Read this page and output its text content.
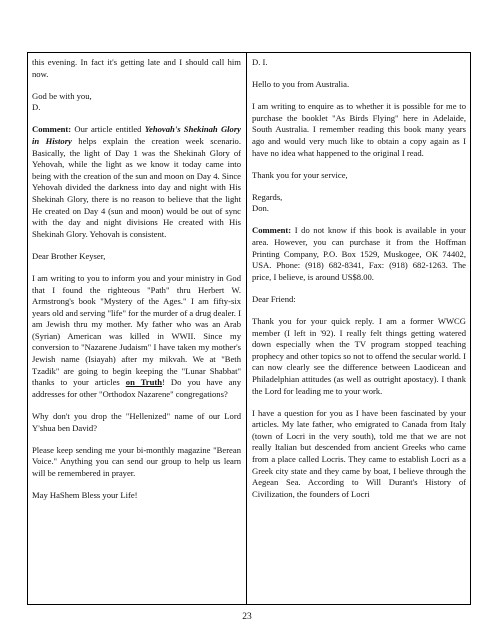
this evening. In fact it's getting late and I should call him now.

God be with you,
D.

Comment: Our article entitled Yehovah's Shekinah Glory in History helps explain the creation week scenario. Basically, the light of Day 1 was the Shekinah Glory of Yehovah, while the light as we know it today came into being with the creation of the sun and moon on Day 4. Since Yehovah divided the darkness into day and night with His Shekinah Glory, there is no reason to believe that the light He created on Day 4 (sun and moon) would be out of sync with the day and night divisions He created with His Shekinah Glory. Yehovah is consistent.

Dear Brother Keyser,

I am writing to you to inform you and your ministry in God that I found the righteous "Path" thru Herbert W. Armstrong's book "Mystery of the Ages." I am fifty-six years old and serving "life" for the murder of a drug dealer. I am Jewish thru my mother. My father who was an Arab (Syrian) American was killed in WWII. Since my conversion to "Nazarene Judaism" I have taken my mother's Jewish name (Isiayah) after my mikvah. We at "Beth Tzadik" are going to begin keeping the "Lunar Shabbat" thanks to your articles on Truth! Do you have any addresses for other "Orthodox Nazarene" congregations?

Why don't you drop the "Hellenized" name of our Lord Y'shua ben David?

Please keep sending me your bi-monthly magazine "Berean Voice." Anything you can send our group to help us learn will be remembered in prayer.

May HaShem Bless your Life!

D. I.

Hello to you from Australia.

I am writing to enquire as to whether it is possible for me to purchase the booklet "As Birds Flying" here in Adelaide, South Australia. I remember reading this book many years ago and would very much like to obtain a copy again as I have no idea what happened to the original I read.

Thank you for your service,

Regards,
Don.

Comment: I do not know if this book is available in your area. However, you can purchase it from the Hoffman Printing Company, P.O. Box 1529, Muskogee, OK 74402, USA. Phone: (918) 682-8341, Fax: (918) 682-1263. The price, I believe, is around US$8.00.

Dear Friend:

Thank you for your quick reply. I am a former WWCG member (I left in '92). I really felt things getting watered down especially when the TV program stopped teaching prophecy and other topics so not to offend the secular world. I can now clearly see the difference between Laodicean and Philadelphian attitudes (as well as outright apostacy). I thank the Lord for leading me to your work.

I have a question for you as I have been fascinated by your articles. My late father, who emigrated to Canada from Italy (town of Locri in the very south), told me that we are not really Italian but descended from ancient Greeks who came from a place called Locris. They came to establish Locri as a Greek city state and they came by boat, I believe through the Aegean Sea. According to Will Durant's History of Civilization, the founders of Locri

23
